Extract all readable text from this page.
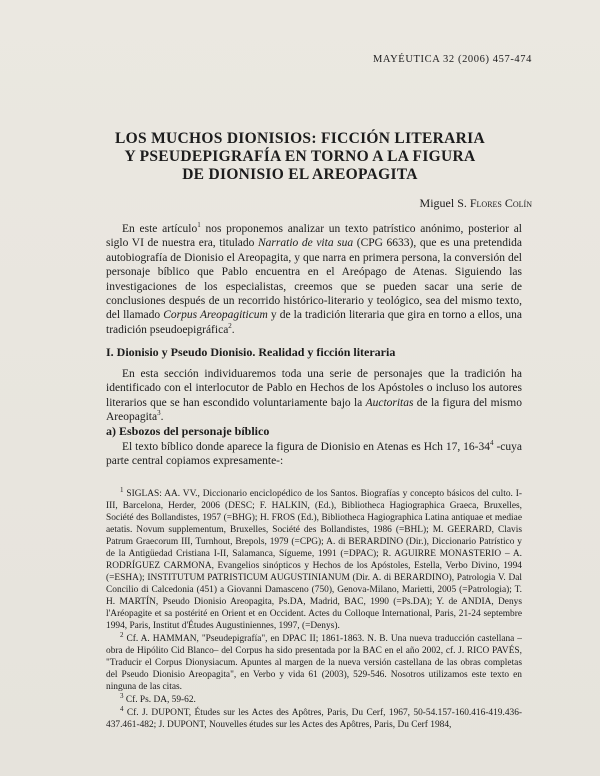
MAYÉUTICA 32 (2006) 457-474
LOS MUCHOS DIONISIOS: FICCIÓN LITERARIA
Y PSEUDEPIGRAFÍA EN TORNO A LA FIGURA
DE DIONISIO EL AREOPAGITA
Miguel S. Flores Colín

En este artículo$^1$ nos proponemos analizar un texto patrístico anónimo, posterior al siglo VI de nuestra era, titulado Narratio de vita sua (CPG 6633), que es una pretendida autobiografía de Dionisio el Areopagita, y que narra en primera persona, la conversión del personaje bíblico que Pablo encuentra en el Areópago de Atenas. Siguiendo las investigaciones de los especialistas, creemos que se pueden sacar una serie de conclusiones después de un recorrido histórico-literario y teológico, sea del mismo texto, del llamado Corpus Areopagiticum y de la tradición literaria que gira en torno a ellos, una tradición pseudoepigráfica$^2$.

I. Dionisio y Pseudo Dionisio. Realidad y ficción literaria

En esta sección individuaremos toda una serie de personajes que la tradición ha identificado con el interlocutor de Pablo en Hechos de los Apóstoles o incluso los autores literarios que se han escondido voluntariamente bajo la Auctoritas de la figura del mismo Areopagita$^3$.

a) Esbozos del personaje bíblico

El texto bíblico donde aparece la figura de Dionisio en Atenas es Hch 17, $16-34^4$ -cuya parte central copiamos expresamente-:

$^1$ SIGLAS: AA. VV., Diccionario enciclopédico de los Santos. Biografías y concepto básicos del culto. I-III, Barcelona, Herder, 2006 (DESC; F. HALKIN, (Ed.), Bibliotheca Hagiographica Graeca, Bruxelles, Société des Bollandistes, 1957 (=BHG); H. FROS (Ed.), Bibliotheca Hagiographica Latina antiquae et mediae aetatis. Novum supplementum, Bruxelles, Société des Bollandistes, 1986 (=BHL); M. GEERARD, Clavis Patrum Graecorum III, Turnhout, Brepols, 1979 (=CPG); A. di BERARDINO (Dir.), Diccionario Patrístico y de la Antigüedad Cristiana I-II, Salamanca, Sígueme, 1991 (=DPAC); R. AGUIRRE MONASTERIO – A. RODRÍGUEZ CARMONA, Evangelios sinópticos y Hechos de los Apóstoles, Estella, Verbo Divino, 1994 (=ESHA); INSTITUTUM PATRISTICUM AUGUSTINIANUM (Dir. A. di BERARDINO), Patrologia V. Dal Concilio di Calcedonia (451) a Giovanni Damasceno (750), Genova-Milano, Marietti, 2005 (=Patrologia); T. H. MARTÍN, Pseudo Dionisio Areopagita, Ps.DA, Madrid, BAC, 1990 (=Ps.DA); Y. de ANDIA, Denys l'Aréopagite et sa postérité en Orient et en Occident. Actes du Colloque International, Paris, 21-24 septembre 1994, Paris, Institut d'Études Augustiniennes, 1997, (=Denys).

$^2$ Cf. A. HAMMAN, "Pseudepigrafía", en DPAC II; 1861-1863. N. B. Una nueva traducción castellana –obra de Hipólito Cid Blanco– del Corpus ha sido presentada por la BAC en el año 2002, cf. J. RICO PAVÉS, "Traducir el Corpus Dionysiacum. Apuntes al margen de la nueva versión castellana de las obras completas del Pseudo Dionisio Areopagita", en Verbo y vida 61 (2003), 529-546. Nosotros utilizamos este texto en ninguna de las citas.

$^3$ Cf. Ps. DA, 59-62.

$^4$ Cf. J. DUPONT, Études sur les Actes des Apôtres, Paris, Du Cerf, 1967, 50-54.157-160.416-419.436-437.461-482; J. DUPONT, Nouvelles études sur les Actes des Apôtres, Paris, Du Cerf 1984,
